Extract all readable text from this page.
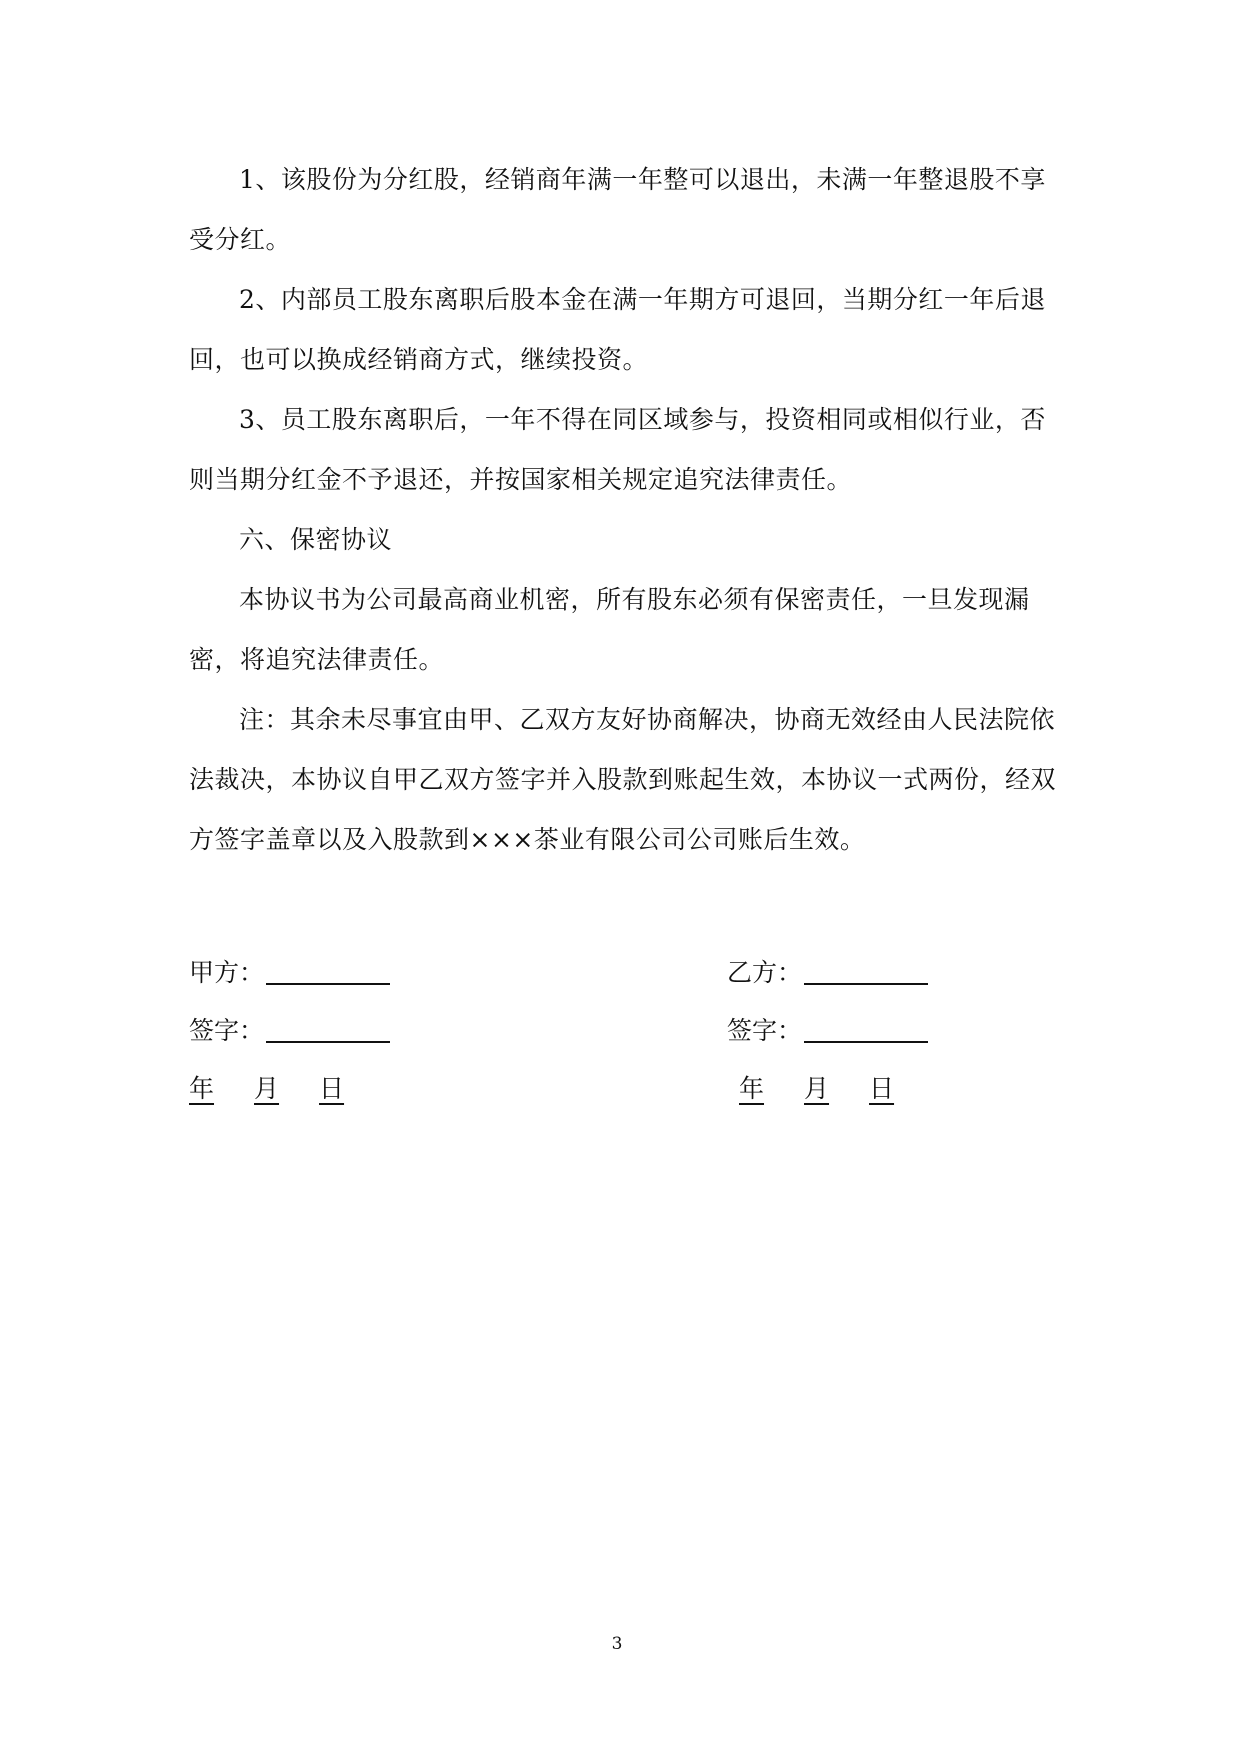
1、该股份为分红股，经销商年满一年整可以退出，未满一年整退股不享受分红。

2、内部员工股东离职后股本金在满一年期方可退回，当期分红一年后退回，也可以换成经销商方式，继续投资。

3、员工股东离职后，一年不得在同区域参与，投资相同或相似行业，否则当期分红金不予退还，并按国家相关规定追究法律责任。

六、保密协议

本协议书为公司最高商业机密，所有股东必须有保密责任，一旦发现漏密，将追究法律责任。

注：其余未尽事宜由甲、乙双方友好协商解决，协商无效经由人民法院依法裁决，本协议自甲乙双方签字并入股款到账起生效，本协议一式两份，经双方签字盖章以及入股款到×××茶业有限公司公司账后生效。

甲方：
签字：
年 月 日
乙方：
签字：
年 月 日
3
